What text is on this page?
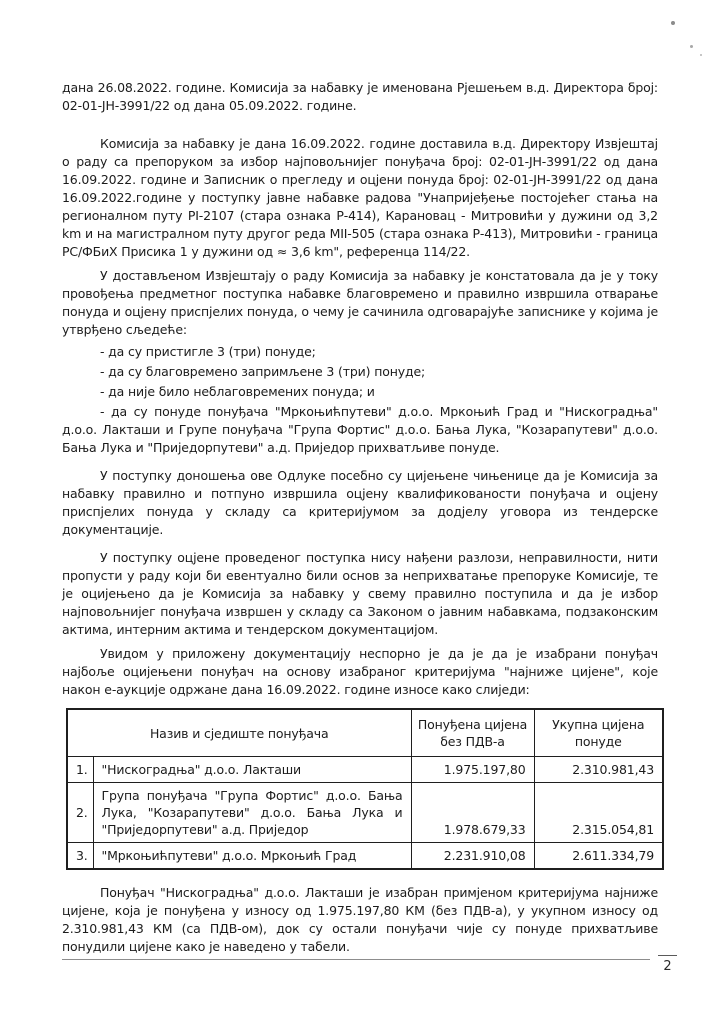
дана 26.08.2022. године. Комисија за набавку је именована Рјешењем в.д. Директора број: 02-01-ЈН-3991/22 од дана 05.09.2022. године.

Комисија за набавку је дана 16.09.2022. године доставила в.д. Директору Извјештај о раду са препоруком за избор најповољнијег понуђача број: 02-01-ЈН-3991/22 од дана 16.09.2022. године и Записник о прегледу и оцјени понуда број: 02-01-ЈН-3991/22 од дана 16.09.2022.године у поступку јавне набавке радова "Унапријеђење постојећег стања на регионалном путу РI-2107 (стара ознака Р-414), Карановац - Митровићи у дужини од 3,2 km и на магистралном путу другог реда МII-505 (стара ознака Р-413), Митровићи - граница РС/ФБиХ Присика 1 у дужини од ≈ 3,6 km", референца 114/22.

У достављеном Извјештају о раду Комисија за набавку је констатовала да је у току провођења предметног поступка набавке благовремено и правилно извршила отварање понуда и оцјену приспјелих понуда, о чему је сачинила одговарајуће записнике у којима је утврђено сљедеће:

- да су пристигле 3 (три) понуде;

- да су благовремено запримљене 3 (три) понуде;

- да није било неблаговремених понуда; и

- да су понуде понуђача "Мркоњићпутеви" д.о.о. Мркоњић Град и "Нискоградња" д.о.о. Лакташи и Групе понуђача "Група Фортис" д.о.о. Бања Лука, "Козарапутеви" д.о.о. Бања Лука и "Приједорпутеви" а.д. Приједор прихватљиве понуде.

У поступку доношења ове Одлуке посебно су цијењене чињенице да је Комисија за набавку правилно и потпуно извршила оцјену квалификованости понуђача и оцјену приспјелих понуда у складу са критеријумом за додјелу уговора из тендерске документације.

У поступку оцјене проведеног поступка нису нађени разлози, неправилности, нити пропусти у раду који би евентуално били основ за неприхватање препоруке Комисије, те је оцијењено да је Комисија за набавку у свему правилно поступила и да је избор најповољнијег понуђача извршен у складу са Законом о јавним набавкама, подзаконским актима, интерним актима и тендерском документацијом.

Увидом у приложену документацију неспорно је да је да је изабрани понуђач најбоље оцијењени понуђач на основу изабраног критеријума "најниже цијене", које након е-аукције одржане дана 16.09.2022. године износе како слиједи:

Назив и сједиште понуђача		Понуђена цијена без ПДВ-а	Укупна цијена понуде
1.	"Нискоградња" д.о.о. Лакташи	1.975.197,80	2.310.981,43
2.	Група понуђача "Група Фортис" д.о.о. Бања Лука, "Козарапутеви" д.о.о. Бања Лука и "Приједорпутеви" а.д. Приједор	1.978.679,33	2.315.054,81
3.	"Мркоњићпутеви" д.о.о. Мркоњић Град	2.231.910,08	2.611.334,79

Понуђач "Нискоградња" д.о.о. Лакташи је изабран примјеном критеријума најниже цијене, која је понуђена у износу од 1.975.197,80 КМ (без ПДВ-а), у укупном износу од 2.310.981,43 КМ (са ПДВ-ом), док су остали понуђачи чије су понуде прихватљиве понудили цијене како је наведено у табели.

2
